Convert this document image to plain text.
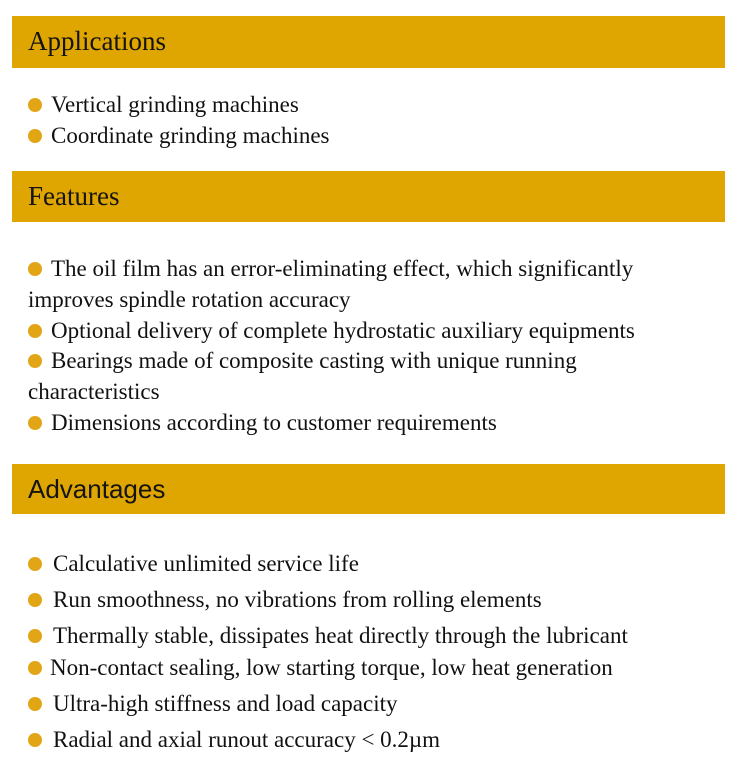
Applications
Vertical grinding machines
Coordinate grinding machines
Features
The oil film has an error-eliminating effect, which significantly
improves spindle rotation accuracy
Optional delivery of complete hydrostatic auxiliary equipments
Bearings made of composite casting with unique running
characteristics
Dimensions according to customer requirements
Advantages
Calculative unlimited service life
Run smoothness, no vibrations from rolling elements
Thermally stable, dissipates heat directly through the lubricant
Non-contact sealing, low starting torque, low heat generation
Ultra-high stiffness and load capacity
Radial and axial runout accuracy < 0.2µm
